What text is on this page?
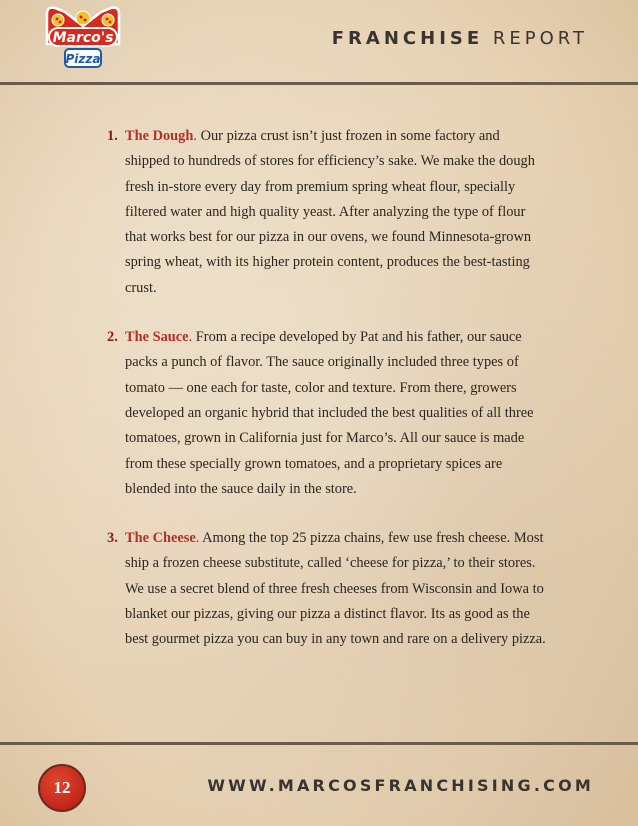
Marco's
Pizza
FRANCHISE REPORT
1. The Dough. Our pizza crust isn’t just frozen in some factory and shipped to hundreds of stores for efficiency’s sake. We make the dough fresh in-store every day from premium spring wheat flour, specially filtered water and high quality yeast. After analyzing the type of flour that works best for our pizza in our ovens, we found Minnesota-grown spring wheat, with its higher protein content, produces the best-tasting crust.
2. The Sauce. From a recipe developed by Pat and his father, our sauce packs a punch of flavor. The sauce originally included three types of tomato — one each for taste, color and texture. From there, growers developed an organic hybrid that included the best qualities of all three tomatoes, grown in California just for Marco’s. All our sauce is made from these specially grown tomatoes, and a proprietary spices are blended into the sauce daily in the store.
3. The Cheese. Among the top 25 pizza chains, few use fresh cheese. Most ship a frozen cheese substitute, called ‘cheese for pizza,’ to their stores. We use a secret blend of three fresh cheeses from Wisconsin and Iowa to blanket our pizzas, giving our pizza a distinct flavor. Its as good as the best gourmet pizza you can buy in any town and rare on a delivery pizza.
12	WWW.MARCOSFRANCHISING.COM
